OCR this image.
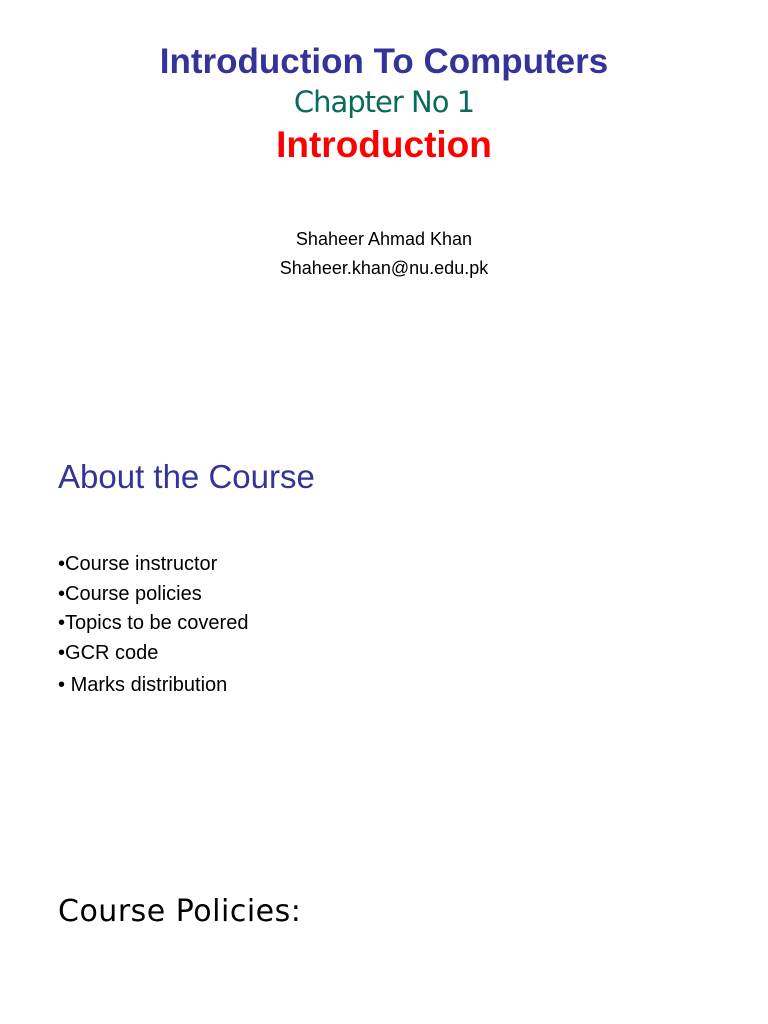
Introduction To Computers
Chapter No 1
Introduction
Shaheer Ahmad Khan
Shaheer.khan@nu.edu.pk
About the Course
•Course instructor
•Course policies
•Topics to be covered
•GCR code
• Marks distribution
Course Policies:
